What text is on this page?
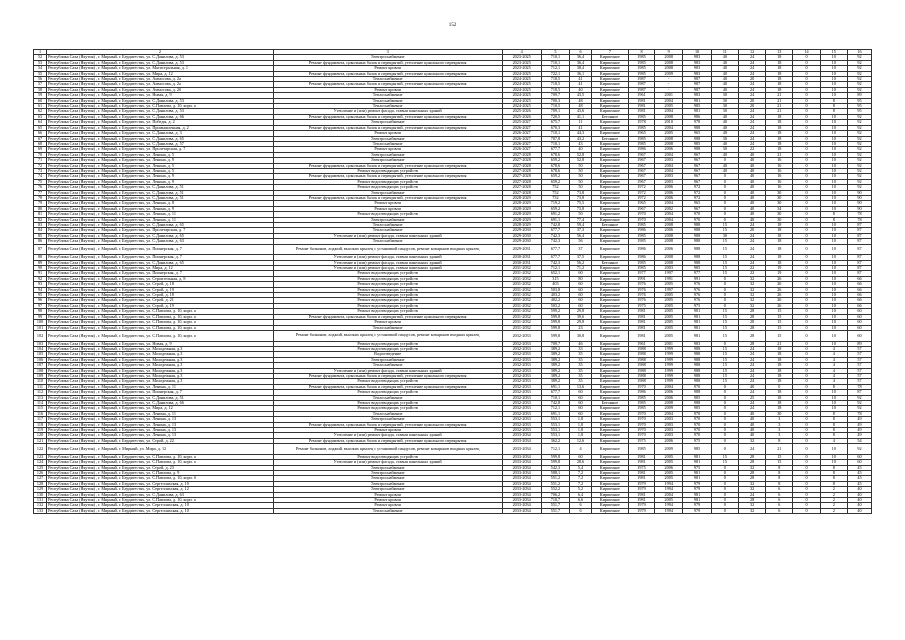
152
1	2	3	4	5	6	7	8	9	10	11	12	13	14	15	16
52	Республика Саха (Якутия) , г. Мирный, г. Бердигестях, ул. С.Данилова, д. 53	Электроснабжение	2023-2025	710,1	36,4	Кирпичное	1985	2008	983	40	24	18	0	10	92
53	Республика Саха (Якутия) , г. Мирный, г. Бердигестях, ул. С.Данилова, д. 53	Ремонт фундамента, цокольных балок и перекрытий, утепление цокольного перекрытия	2023-2025	710,1	36,4	Кирпичное	1985	2008	983	40	24	18	0	10	92
54	Республика Саха (Якутия) , г. Мирный, г. Бердигестях, ул. Магистральная, д. 1	Ремонт кровли	2023-2025	712,1	38,4	Кирпичное	1985	2008	983	40	24	18	0	10	92
55	Республика Саха (Якутия) , г. Мирный, г. Бердигестях, ул. Мира, д. 12	Ремонт фундамента, цокольных балок и перекрытий, утепление цокольного перекрытия	2024-2025	722,1	36,1	Кирпичное	1985	2009	983	40	24	18	0	10	92
56	Республика Саха (Якутия) , г. Мирный, г. Бердигестях, ул. Аммосова, д. 2а	Теплоснабжение	2024-2025	718,5	41	Кирпичное	1987	-	987	40	20	18	0	10	92
57	Республика Саха (Якутия) , г. Мирный, г. Бердигестях, ул. Аммосова, д. 2а	Ремонт фундамента, цокольных балок и перекрытий, утепление цокольного перекрытия	2024-2025	718,5	41	Кирпичное	1987	-	987	40	24	18	0	10	92
58	Республика Саха (Якутия) , г. Мирный, г. Бердигестях, ул. Аммосова, д. 2б	Ремонт кровли	2024-2025	718,5	40	Кирпичное	1987	-	987	40	24	18	0	10	92
59	Республика Саха (Якутия) , г. Мирный, г. Бердигестях, ул. Новая, д. 9	Теплоснабжение	2024-2025	709,7	43,5	Кирпичное	1961	2001	983	30	24	21	0	10	89
60	Республика Саха (Якутия) , г. Мирный, г. Бердигестях, ул. С.Данилова, д. 53	Теплоснабжение	2024-2025	700,3	48	Кирпичное	1981	2004	981	30	20	21	0	8	95
61	Республика Саха (Якутия) , г. Мирный, г. Бердигестях, ул. С.Павлова, д. 10, корп. а	Теплоснабжение	2024-2025	710,5	48	Кирпичное	1981	2005	985	30	20	21	0	8	95
62	Республика Саха (Якутия) , г. Мирный, г. Бердигестях, ул. С.Данилова, д. 53	Утепление и (или) ремонт фасада, ставни панельных зданий	2025-2026	709,1	43,6	Кирпичное	1981	2004	981	30	24	21	0	8	95
63	Республика Саха (Якутия) , г. Мирный, г. Бердигестях, ул. С.Данилова, д. 66	Ремонт фундамента, цокольных балок и перекрытий, утепление цокольного перекрытия	2025-2026	720,5	41,1	Бетонное	1985	2008	986	40	24	18	0	10	92
64	Республика Саха (Якутия) , г. Мирный, г. Бердигестях, ул. Победы, д. 2	Электроснабжение	2025-2027	675,7	11	Кирпичное	1978	2010	978	40	24	18	0	10	92
65	Республика Саха (Якутия) , г. Мирный, г. Бердигестях, ул. Промышленная, д. 2	Ремонт фундамента, цокольных балок и перекрытий, утепление цокольного перекрытия	2026-2027	670,3	41	Кирпичное	1985	2004	988	40	24	18	0	10	92
66	Республика Саха (Якутия) , г. Мирный, г. Бердигестях, ул. С.Данилова, д. 3	Ремонт кровли	2026-2027	710,1	44,3	Кирпичное	1965	2005	965	40	24	18	0	10	92
67	Республика Саха (Якутия) , г. Мирный, г. Бердигестях, ул. С.Данилова, д. 65	Электроснабжение	2026-2027	707,8	43,2	Бетонное	1985	2008	988	30	24	18	0	10	92
68	Республика Саха (Якутия) , г. Мирный, г. Бердигестях, ул. С.Данилова, д. 57	Теплоснабжение	2026-2027	710,1	43	Кирпичное	1985	2008	985	40	24	18	0	10	92
69	Республика Саха (Якутия) , г. Мирный, г. Бердигестях, ул. Пролетарская, д. 7	Ремонт кровли	2026-2027	677,7	40	Кирпичное	1986	2006	988	30	22	18	0	10	92
70	Республика Саха (Якутия) , г. Мирный, г. Бердигестях, ул. Ленина, д. 5	Электроснабжение	2027-2028	678,6	52,8	Кирпичное	1967	2004	967	40	40	21	0	10	92
71	Республика Саха (Якутия) , г. Мирный, г. Бердигестях, ул. Ленина, д. 9	Электроснабжение	2027-2028	659,2	52,8	Кирпичное	1967	2003	967	0	40	16	0	10	92
72	Республика Саха (Якутия) , г. Мирный, г. Бердигестях, ул. Ленина, д. 5	Ремонт фундамента, цокольных балок и перекрытий, утепление цокольного перекрытия	2027-2028	678,6	50	Кирпичное	1967	2004	967	40	40	16	0	10	92
73	Республика Саха (Якутия) , г. Мирный, г. Бердигестях, ул. Ленина, д. 5	Ремонт водоотводящих устройств	2027-2028	678,6	50	Кирпичное	1967	2004	967	40	40	16	0	10	92
74	Республика Саха (Якутия) , г. Мирный, г. Бердигестях, ул. Ленина, д. 9	Ремонт фундамента, цокольных балок и перекрытий, утепление цокольного перекрытия	2027-2028	659,2	50	Кирпичное	1967	2003	967	0	40	16	0	10	92
75	Республика Саха (Якутия) , г. Мирный, г. Бердигестях, ул. Ленина, д. 9	Ремонт водоотводящих устройств	2027-2028	659,2	50	Кирпичное	1967	2003	967	0	40	16	0	10	92
76	Республика Саха (Якутия) , г. Мирный, г. Бердигестях, ул. С.Данилова, д. 51	Ремонт водоотводящих устройств	2027-2028	752	50	Кирпичное	1972	2006	972	0	40	16	0	10	92
77	Республика Саха (Якутия) , г. Мирный, г. Бердигестях, ул. С.Данилова, д. 51	Электроснабжение	2027-2028	752	73,8	Кирпичное	1972	2006	972	0	40	30	0	10	90
78	Республика Саха (Якутия) , г. Мирный, г. Бердигестях, ул. С.Данилова, д. 51	Ремонт фундамента, цокольных балок и перекрытий, утепление цокольного перекрытия	2028-2029	752	73,8	Кирпичное	1972	2006	972	0	40	30	0	10	90
79	Республика Саха (Якутия) , г. Мирный, г. Бердигестях, ул. Ленина, д. 8	Ремонт кровли	2028-2029	719,2	75,5	Кирпичное	1965	2004	965	0	40	30	0	10	90
80	Республика Саха (Якутия) , г. Мирный, г. Бердигестях, ул. Ленина, д. 9	Ремонт кровли	2028-2029	659,2	73,8	Кирпичное	1967	2002	967	0	40	34	0	10	90
81	Республика Саха (Якутия) , г. Мирный, г. Бердигестях, ул. Ленина, д. 11	Ремонт водоотводящих устройств	2028-2029	691,2	50	Кирпичное	1970	2004	970	0	40	30	0	8	78
82	Республика Саха (Якутия) , г. Мирный, г. Бердигестях, ул. Ленина, д. 11	Электроснабжение	2028-2029	691,1	77,4	Кирпичное	1970	2004	970	0	40	30	0	8	78
83	Республика Саха (Якутия) , г. Мирный, г. Бердигестях, ул. С.Данилова, д. 65	Теплоснабжение	2028-2029	742,8	59,4	Бетонное	1985	2008	988	15	24	18	0	10	87
84	Республика Саха (Якутия) , г. Мирный, г. Бердигестях, ул. Пролетарская, д. 7	Теплоснабжение	2029-2030	677,7	37,3	Кирпичное	1986	2006	988	15	20	18	0	10	87
85	Республика Саха (Якутия) , г. Мирный, г. Бердигестях, ул. С.Данилова, д. 65	Утепление и (или) ремонт фасада, ставни панельных зданий	2029-2030	742,3	56,4	Кирпичное	1985	2008	988	30	24	18	0	10	87
86	Республика Саха (Якутия) , г. Мирный, г. Бердигестях, ул. С.Данилова, д. 63	Теплоснабжение	2029-2030	742,3	56	Кирпичное	1985	2008	988	15	24	18	0	10	87
87	Республика Саха (Якутия) , г. Мирный, г. Бердигестях, ул. Пионерская, д. 7	Ремонт балконов, лоджий, высоких крылец с установкой пандусов, ремонт козырьков входных крылец	2029-2031	677,7	37	Кирпичное	1986	2006	988	15	24	18	0	10	87
88	Республика Саха (Якутия) , г. Мирный, г. Бердигестях, ул. Пионерская, д. 7	Утепление и (или) ремонт фасада, ставни панельных зданий	2030-2031	677,7	37,5	Кирпичное	1986	2008	988	15	24	18	0	10	87
89	Республика Саха (Якутия) , г. Мирный, г. Бердигестях, ул. С.Данилова, д. 65	Утепление и (или) ремонт фасада, ставни панельных зданий	2030-2031	742,3	56,2	Бетонное	1985	2008	988	15	24	18	0	10	87
90	Республика Саха (Якутия) , г. Мирный, г. Бердигестях, ул. Мира, д. 12	Утепление и (или) ремонт фасада, ставни панельных зданий	2031-2032	712,1	71,2	Кирпичное	1985	2003	985	15	22	19	0	10	87
91	Республика Саха (Якутия) , г. Мирный, г. Бердигестях, ул. Пионерская, д. 7	Ремонт водоотводящих устройств	2031-2032	652,1	60	Кирпичное	1977	1997	977	15	22	19	0	10	87
92	Республика Саха (Якутия) , г. Мирный, г. Бердигестях, ул. Строительная, д. 8	Ремонт водоотводящих устройств	2031-2032	315	80	Кирпичное	1991	1991	991	0	32	26	0	10	66
93	Республика Саха (Якутия) , г. Мирный, г. Бердигестях, ул. Строй, д. 18	Ремонт водоотводящих устройств	2031-2032	403	60	Кирпичное	1976	2005	976	0	32	26	0	10	66
94	Республика Саха (Якутия) , г. Мирный, г. Бердигестях, ул. Строй, д. 19	Ремонт водоотводящих устройств	2031-2032	503,8	60	Кирпичное	1976	1997	976	0	32	26	0	10	66
95	Республика Саха (Якутия) , г. Мирный, г. Бердигестях, ул. Строй, д. 18	Ремонт водоотводящих устройств	2031-2032	403,2	60	Кирпичное	1976	2005	976	0	32	26	0	10	66
96	Республика Саха (Якутия) , г. Мирный, г. Бердигестях, ул. Строй, д. 21	Ремонт водоотводящих устройств	2031-2032	402,2	60	Кирпичное	1976	2005	976	0	32	26	0	10	66
97	Республика Саха (Якутия) , г. Мирный, г. Бердигестях, ул. Строй, д. 19	Ремонт водоотводящих устройств	2031-2032	503,2	60	Кирпичное	1975	2005	975	0	32	26	0	10	66
98	Республика Саха (Якутия) , г. Мирный, г. Бердигестях, ул. С.Павлова, д. 10, корп. а	Ремонт водоотводящих устройств	2031-2032	599,2	29,8	Кирпичное	1981	2005	981	15	28	15	0	10	60
99	Республика Саха (Якутия) , г. Мирный, г. Бердигестях, ул. С.Павлова, д. 10, корп. а	Ремонт фундамента, цокольных балок и перекрытий, утепление цокольного перекрытия	2031-2032	599,8	39,6	Кирпичное	1981	2005	981	15	28	15	0	10	60
100	Республика Саха (Якутия) , г. Мирный, г. Бердигестях, ул. С.Павлова, д. 10, корп. а	Ремонт кровли	2031-2032	599,8	29,8	Кирпичное	1981	2005	981	15	28	15	0	10	60
101	Республика Саха (Якутия) , г. Мирный, г. Бердигестях, ул. С.Павлова, д. 10, корп. а	Теплоснабжение	2031-2032	599,8	23	Кирпичное	1981	2005	981	15	28	15	0	10	60
102	Республика Саха (Якутия) , г. Мирный, г. Бердигестях, ул. С.Павлова, д. 10, корп. а	Ремонт балконов, лоджий, высоких крылец с установкой пандусов, ремонт козырьков входных крылец	2032-2033	599,8	30,8	Кирпичное	1981	2005	981	15	28	15	0	10	60
103	Республика Саха (Якутия) , г. Мирный, г. Бердигестях, ул. Новая, д. 9	Ремонт водоотводящих устройств	2032-2033	709,7	46	Кирпичное	1961	2001	983	0	28	21	0	10	89
104	Республика Саха (Якутия) , г. Мирный, г. Бердигестях, ул. Молодежная, д.3	Ремонт водоотводящих устройств	2032-2033	389,2	33	Кирпичное	1988	1999	988	15	24	18	0	4	57
105	Республика Саха (Якутия) , г. Мирный, г. Бердигестях, ул. Молодежная, д.3	Водоотведение	2032-2033	389,2	35	Кирпичное	1988	1999	988	15	24	18	0	4	57
106	Республика Саха (Якутия) , г. Мирный, г. Бердигестях, ул. Молодежная, д.3	Электроснабжение	2032-2033	389,2	35	Кирпичное	1988	1999	988	15	24	18	0	4	57
107	Республика Саха (Якутия) , г. Мирный, г. Бердигестях, ул. Молодежная, д.3	Теплоснабжение	2032-2033	389,2	35	Кирпичное	1988	1999	988	15	24	18	0	4	57
108	Республика Саха (Якутия) , г. Мирный, г. Бердигестях, ул. Молодежная, д.3	Утепление и (или) ремонт фасада, ставни панельных зданий	2032-2033	389,2	35	Кирпичное	1988	1999	988	15	24	18	0	4	57
109	Республика Саха (Якутия) , г. Мирный, г. Бердигестях, ул. Молодежная, д.3	Ремонт фундамента, цокольных балок и перекрытий, утепление цокольного перекрытия	2032-2033	389,2	35	Кирпичное	1988	1999	988	15	24	18	0	4	57
110	Республика Саха (Якутия) , г. Мирный, г. Бердигестях, ул. Молодежная, д.3	Ремонт водоотводящих устройств	2032-2033	389,2	35	Кирпичное	1988	1999	988	15	24	18	0	4	57
111	Республика Саха (Якутия) , г. Мирный, г. Бердигестях, ул. Ленина, д. 11	Ремонт фундамента, цокольных балок и перекрытий, утепление цокольного перекрытия	2032-2033	691,1	13,6	Кирпичное	1970	2004	970	0	40	0	0	8	78
112	Республика Саха (Якутия) , г. Мирный, г. Бердигестях, ул. Пионерская, д. 7	Ремонт водоотводящих устройств	2032-2033	677,7	60	Кирпичное	1986	2006	988	0	24	18	0	10	87
113	Республика Саха (Якутия) , г. Мирный, г. Бердигестях, ул. С.Данилова, д. 51	Теплоснабжение	2032-2033	710,1	60	Кирпичное	1985	2006	985	0	25	18	0	10	92
114	Республика Саха (Якутия) , г. Мирный, г. Бердигестях, ул. С.Данилова, д. 66	Ремонт водоотводящих устройств	2032-2033	742,8	60	Бетонное	1985	2008	988	0	24	18	0	10	92
115	Республика Саха (Якутия) , г. Мирный, г. Бердигестях, ул. Мира, д. 12	Ремонт водоотводящих устройств	2032-2033	712,1	60	Кирпичное	1985	2009	985	0	24	18	0	10	92
116	Республика Саха (Якутия) , г. Мирный, г. Бердигестях, ул. Ленина, д. 11	Теплоснабжение	2032-2033	691,1	60	Кирпичное	1970	2004	970	0	40	30	0	8	78
117	Республика Саха (Якутия) , г. Мирный, г. Бердигестях, ул. Ленина, д. 13	Электроснабжение	2032-2033	553,1	1,8	Кирпичное	1970	2003	970	0	40	3	0	8	49
118	Республика Саха (Якутия) , г. Мирный, г. Бердигестях, ул. Ленина, д. 13	Ремонт фундамента, цокольных балок и перекрытий, утепление цокольного перекрытия	2032-2033	553,1	1,8	Кирпичное	1970	2003	970	0	40	3	0	8	49
119	Республика Саха (Якутия) , г. Мирный, г. Бердигестях, ул. Ленина, д. 13	Ремонт кровли	2032-2033	553,1	1,8	Кирпичное	1970	2003	970	0	40	3	0	8	49
120	Республика Саха (Якутия) , г. Мирный, г. Бердигестях, ул. Ленина, д. 13	Утепление и (или) ремонт фасада, ставни панельных зданий	2033-2034	553,1	1,8	Кирпичное	1970	2003	970	0	40	3	0	8	49
121	Республика Саха (Якутия) , г. Мирный, г. Бердигестях, ул. Строй, д. 22	Ремонт фундамента, цокольных балок и перекрытий, утепление цокольного перекрытия	2033-2034	362,2	12,6	Кирпичное	1975	2006	975	0	32	8	0	4	54
122	Республика Саха (Якутия) , г. Мирный, г. Мирный, ул. Мира, д. 12	Ремонт балконов, лоджий, высоких крылец с установкой пандусов, ремонт козырьков входных крылец	2033-2034	712,1	4	Кирпичное	1985	2009	985	0	24	21	0	10	92
123	Республика Саха (Якутия) , г. Мирный, г. Бердигестях, ул. С.Павлова, д. 10, корп. а	Ремонт водоотводящих устройств	2033-2034	599,8	60	Кирпичное	1981	2005	981	15	28	15	0	10	60
124	Республика Саха (Якутия) , г. Мирный, г. Бердигестях, ул. С.Павлова, д. 10, корп. а	Утепление и (или) ремонт фасада, ставни панельных зданий	2033-2034	599,8	28,6	Кирпичное	1981	2005	981	15	28	15	0	10	60
125	Республика Саха (Якутия) , г. Мирный, г. Бердигестях, ул. Строй, д. 23	Электроснабжение	2033-2034	542,3	5,4	Кирпичное	1975	2006	975	0	32	8	0	8	45
126	Республика Саха (Якутия) , г. Мирный, г. Бердигестях, ул. С.Павлова, д. 9	Электроснабжение	2033-2034	588,1	7,2	Кирпичное	1981	2005	981	0	28	8	0	8	45
127	Республика Саха (Якутия) , г. Мирный, г. Бердигестях, ул. С.Павлова, д. 10, корп. б	Электроснабжение	2033-2034	551,2	7,2	Кирпичное	1981	2005	981	0	28	8	0	8	45
128	Республика Саха (Якутия) , г. Мирный, г. Бердигестях, ул. Сергелляхская, д. 10	Электроснабжение	2033-2034	551,2	7,2	Кирпичное	1979	1994	979	0	32	8	0	8	45
129	Республика Саха (Якутия) , г. Мирный, г. Бердигестях, ул. Сергелляхская, д. 12	Электроснабжение	2033-2034	552,2	5,2	Кирпичное	1979	1994	979	0	32	6	0	2	40
130	Республика Саха (Якутия) , г. Мирный, г. Бердигестях, ул. С.Данилова, д. 63	Ремонт кровли	2033-2034	706,2	6,4	Кирпичное	1981	2004	981	0	24	6	0	2	40
131	Республика Саха (Якутия) , г. Мирный, г. Бердигестях, ул. С.Павлова, д. 10, корп. а	Ремонт кровли	2033-2034	710,7	6,6	Кирпичное	1981	2005	981	0	28	6	0	2	40
132	Республика Саха (Якутия) , г. Мирный, г. Бердигестях, ул. Сергелляхская, д. 10	Ремонт кровли	2033-2034	551,7	6	Кирпичное	1979	1994	979	0	32	6	0	2	40
133	Республика Саха (Якутия) , г. Мирный, г. Бердигестях, ул. Сергелляхская, д. 10	Теплоснабжение	2033-2034	551,7	6	Кирпичное	1979	1994	979	0	32	6	0	2	40
